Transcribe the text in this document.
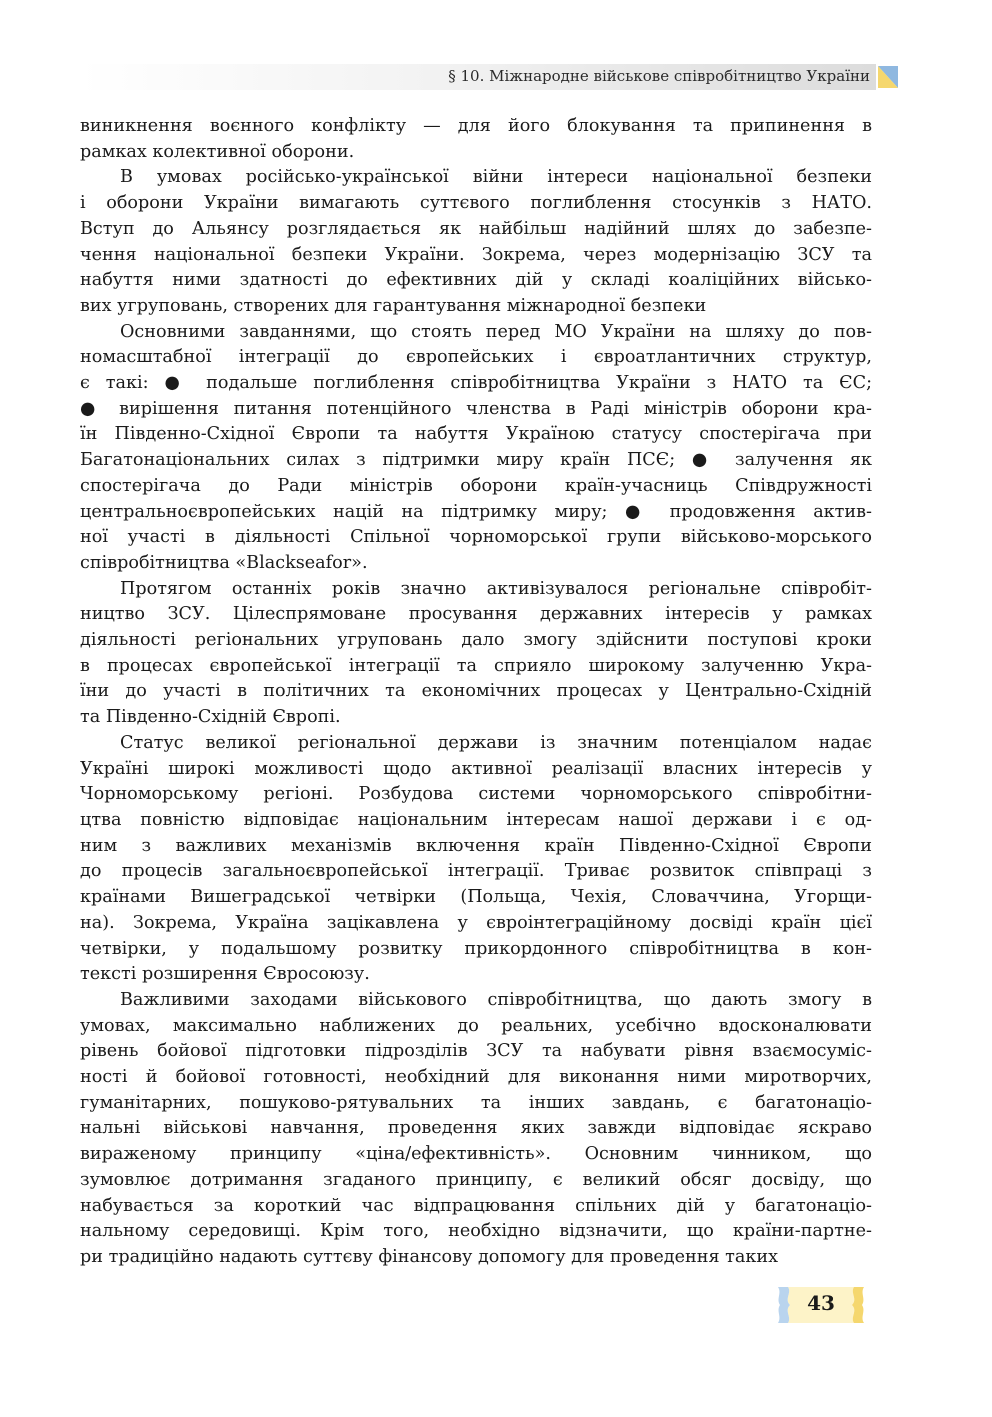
§ 10. Міжнародне військове співробітництво України
виникнення воєнного конфлікту — для його блокування та припинення в
рамках колективної оборони.
В умовах російсько-української війни інтереси національної безпеки
і оборони України вимагають суттєвого поглиблення стосунків з НАТО.
Вступ до Альянсу розглядається як найбільш надійний шлях до забезпе-
чення національної безпеки України. Зокрема, через модернізацію ЗСУ та
набуття ними здатності до ефективних дій у складі коаліційних військо-
вих угруповань, створених для гарантування міжнародної безпеки
Основними завданнями, що стоять перед МО України на шляху до пов-
номасштабної інтеграції до європейських і євроатлантичних структур,
є такі: ● подальше поглиблення співробітництва України з НАТО та ЄС;
● вирішення питання потенційного членства в Раді міністрів оборони кра-
їн Південно-Східної Європи та набуття Україною статусу спостерігача при
Багатонаціональних силах з підтримки миру країн ПСЄ; ● залучення як
спостерігача до Ради міністрів оборони країн-учасниць Співдружності
центральноєвропейських націй на підтримку миру; ● продовження актив-
ної участі в діяльності Спільної чорноморської групи військово-морського
співробітництва «Blackseafor».
Протягом останніх років значно активізувалося регіональне співробіт-
ництво ЗСУ. Цілеспрямоване просування державних інтересів у рамках
діяльності регіональних угруповань дало змогу здійснити поступові кроки
в процесах європейської інтеграції та сприяло широкому залученню Укра-
їни до участі в політичних та економічних процесах у Центрально-Східній
та Південно-Східній Європі.
Статус великої регіональної держави із значним потенціалом надає
Україні широкі можливості щодо активної реалізації власних інтересів у
Чорноморському регіоні. Розбудова системи чорноморського співробітни-
цтва повністю відповідає національним інтересам нашої держави і є од-
ним з важливих механізмів включення країн Південно-Східної Європи
до процесів загальноєвропейської інтеграції. Триває розвиток співпраці з
країнами Вишеградської четвірки (Польща, Чехія, Словаччина, Угорщи-
на). Зокрема, Україна зацікавлена у євроінтеграційному досвіді країн цієї
четвірки, у подальшому розвитку прикордонного співробітництва в кон-
тексті розширення Євросоюзу.
Важливими заходами військового співробітництва, що дають змогу в
умовах, максимально наближених до реальних, усебічно вдосконалювати
рівень бойової підготовки підрозділів ЗСУ та набувати рівня взаємосуміс-
ності й бойової готовності, необхідний для виконання ними миротворчих,
гуманітарних, пошуково-рятувальних та інших завдань, є багатонаціо-
нальні військові навчання, проведення яких завжди відповідає яскраво
вираженому принципу «ціна/ефективність». Основним чинником, що
зумовлює дотримання згаданого принципу, є великий обсяг досвіду, що
набувається за короткий час відпрацювання спільних дій у багатонаціо-
нальному середовищі. Крім того, необхідно відзначити, що країни-партне-
ри традиційно надають суттєву фінансову допомогу для проведення таких
43
